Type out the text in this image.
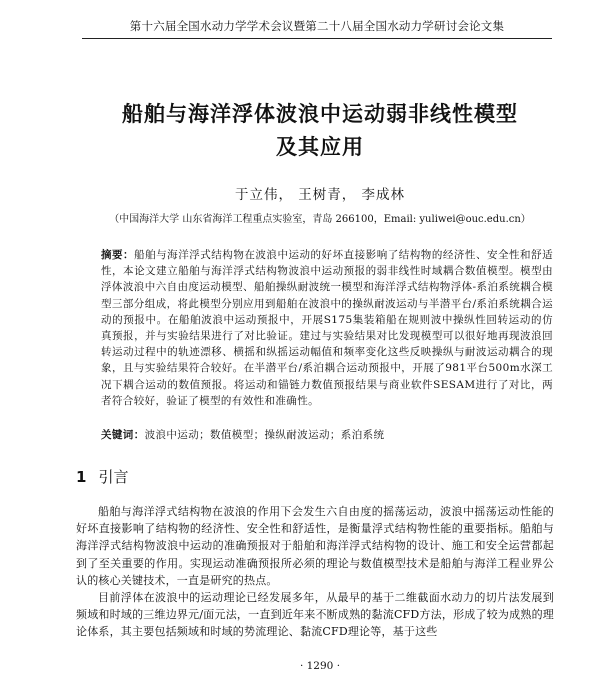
第十六届全国水动力学学术会议暨第二十八届全国水动力学研讨会论文集
船舶与海洋浮体波浪中运动弱非线性模型
及其应用
于立伟， 王树青， 李成林
（中国海洋大学 山东省海洋工程重点实验室，青岛 266100，Email: yuliwei@ouc.edu.cn）
摘要：船舶与海洋浮式结构物在波浪中运动的好坏直接影响了结构物的经济性、安全性和舒适性，本论文建立船舶与海洋浮式结构物波浪中运动预报的弱非线性时域耦合数值模型。模型由浮体波浪中六自由度运动模型、船舶操纵耐波统一模型和海洋浮式结构物浮体-系泊系统耦合模型三部分组成，将此模型分别应用到船舶在波浪中的操纵耐波运动与半潜平台/系泊系统耦合运动的预报中。在船舶波浪中运动预报中，开展S175集装箱船在规则波中操纵性回转运动的仿真预报，并与实验结果进行了对比验证。建过与实验结果对比发现模型可以很好地再现波浪回转运动过程中的轨迹漂移、横摇和纵摇运动幅值和频率变化这些反映操纵与耐波运动耦合的现象，且与实验结果符合较好。在半潜平台/系泊耦合运动预报中，开展了981平台500m水深工况下耦合运动的数值预报。将运动和锚链力数值预报结果与商业软件SESAM进行了对比，两者符合较好，验证了模型的有效性和准确性。
关键词：波浪中运动；数值模型；操纵耐波运动；系泊系统
1 引言

船舶与海洋浮式结构物在波浪的作用下会发生六自由度的摇荡运动，波浪中摇荡运动性能的好坏直接影响了结构物的经济性、安全性和舒适性，是衡量浮式结构物性能的重要指标。船舶与海洋浮式结构物波浪中运动的准确预报对于船舶和海洋浮式结构物的设计、施工和安全运营都起到了至关重要的作用。实现运动准确预报所必须的理论与数值模型技术是船舶与海洋工程业界公认的核心关键技术，一直是研究的热点。

目前浮体在波浪中的运动理论已经发展多年，从最早的基于二维截面水动力的切片法发展到频域和时域的三维边界元/面元法，一直到近年来不断成熟的黏流CFD方法，形成了较为成熟的理论体系，其主要包括频域和时域的势流理论、黏流CFD理论等，基于这些

· 1290 ·
